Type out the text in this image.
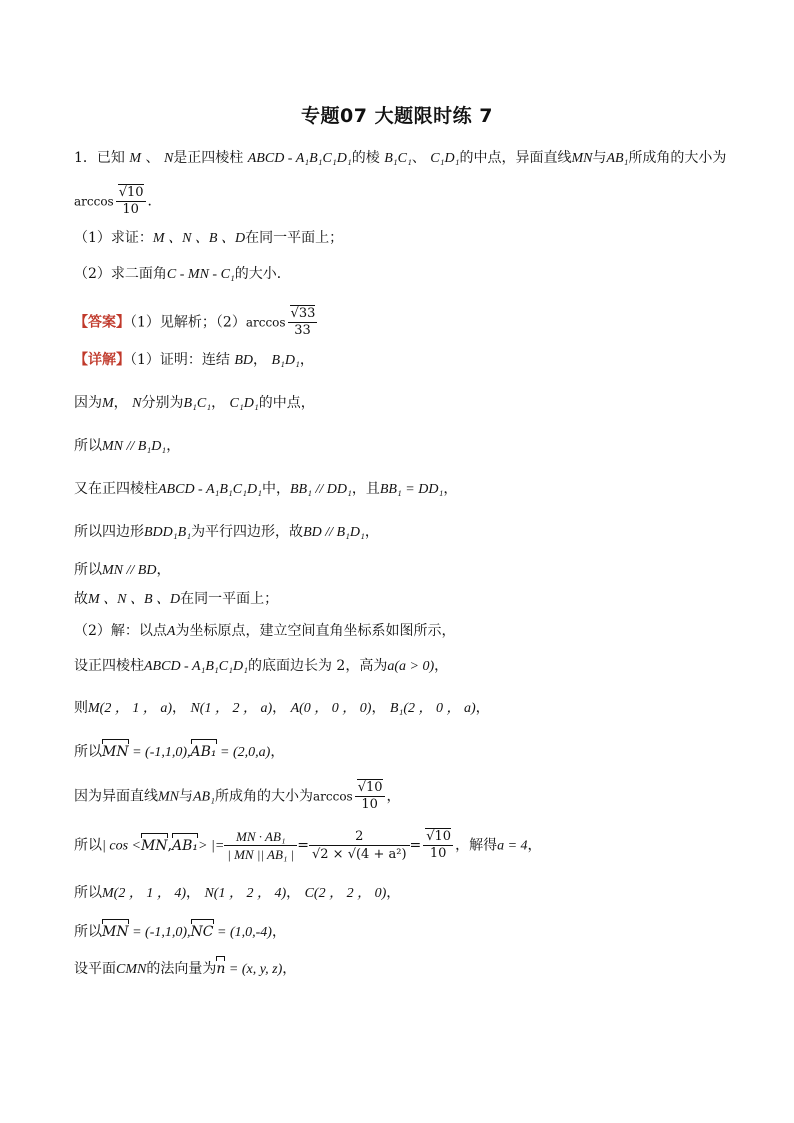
专题07 大题限时练 7
1．已知 M 、 N是正四棱柱 ABCD - A₁B₁C₁D₁的棱 B₁C₁、 C₁D₁的中点，异面直线MN与AB₁所成角的大小为
$\arccos \frac{√10}{10}$ ．
（1）求证：M 、N 、B 、D在同一平面上；
（2）求二面角C - MN - C₁的大小．
【答案】（1）见解析；$(2)\arccos \frac{√33}{33}$
【详解】（1）证明：连结 BD， B₁D₁，
因为M， N分别为B₁C₁， C₁D₁的中点，
所以MN // B₁D₁，
又在正四棱柱ABCD - A₁B₁C₁D₁中，BB₁ // DD₁，且BB₁ = DD₁，
所以四边形BDD₁B₁为平行四边形，故BD // B₁D₁，
所以MN // BD，
故M 、N 、B 、D在同一平面上；
（2）解：以点A为坐标原点，建立空间直角坐标系如图所示，
设正四棱柱ABCD - A₁B₁C₁D₁的底面边长为 2，高为a(a > 0)，
则M(2 ， 1 ， a)， N(1 ， 2 ， a)， A(0 ， 0 ， 0)， B₁(2 ， 0 ， a)，
所以MN = (-1,1,0),AB₁ = (2,0,a)，
因为异面直线MN与AB₁所成角的大小为$\arccos \frac{√10}{10}$ ，
所以| cos <MN,AB₁> |= $\frac{\text{MN · AB₁}}{\text{| MN || AB₁ |}} = \frac{2}{\text{√2 × √(4 + a²)}} = \frac{√10}{10}$ ，解得a = 4，
所以M(2 ， 1 ， 4)， N(1 ， 2 ， 4)， C(2 ， 2 ， 0)，
所以MN = (-1,1,0),NC = (1,0,-4)，
设平面CMN的法向量为n = (x, y, z)，
